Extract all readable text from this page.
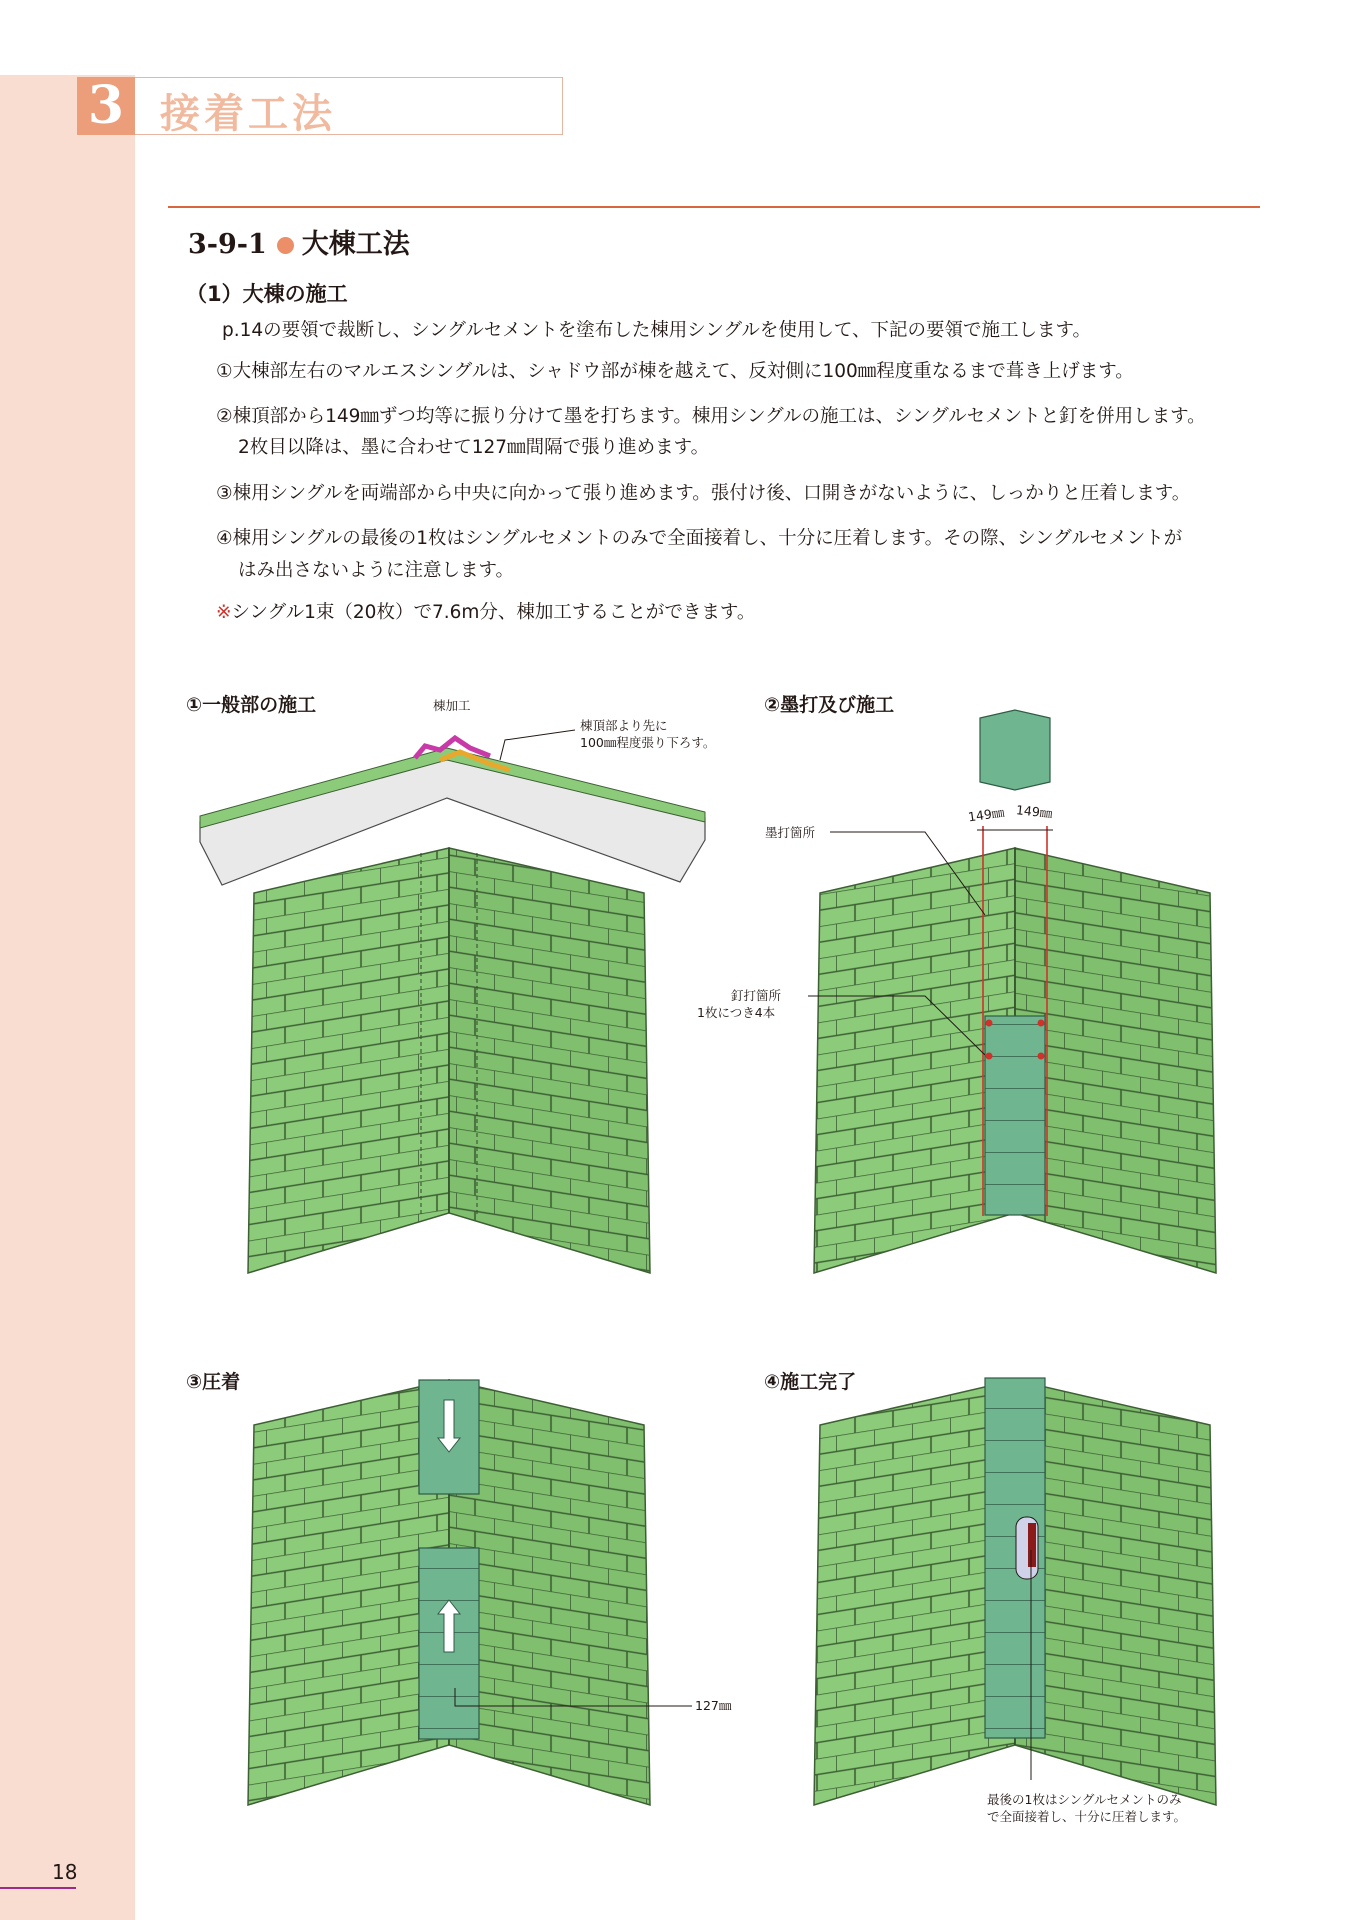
3 接着工法
3-9-1 大棟工法
（1）大棟の施工
p.14の要領で裁断し、シングルセメントを塗布した棟用シングルを使用して、下記の要領で施工します。
①大棟部左右のマルエスシングルは、シャドウ部が棟を越えて、反対側に100㎜程度重なるまで葺き上げます。
②棟頂部から149㎜ずつ均等に振り分けて墨を打ちます。棟用シングルの施工は、シングルセメントと釘を併用します。
2枚目以降は、墨に合わせて127㎜間隔で張り進めます。
③棟用シングルを両端部から中央に向かって張り進めます。張付け後、口開きがないように、しっかりと圧着します。
④棟用シングルの最後の1枚はシングルセメントのみで全面接着し、十分に圧着します。その際、シングルセメントが
はみ出さないように注意します。
※シングル1束（20枚）で7.6m分、棟加工することができます。
①一般部の施工	②墨打及び施工
③圧着	④施工完了
棟加工
棟頂部より先に
100㎜程度張り下ろす。
149㎜ 149㎜
墨打箇所
釘打箇所
1枚につき4本
127㎜
最後の1枚はシングルセメントのみ
で全面接着し、十分に圧着します。
18
